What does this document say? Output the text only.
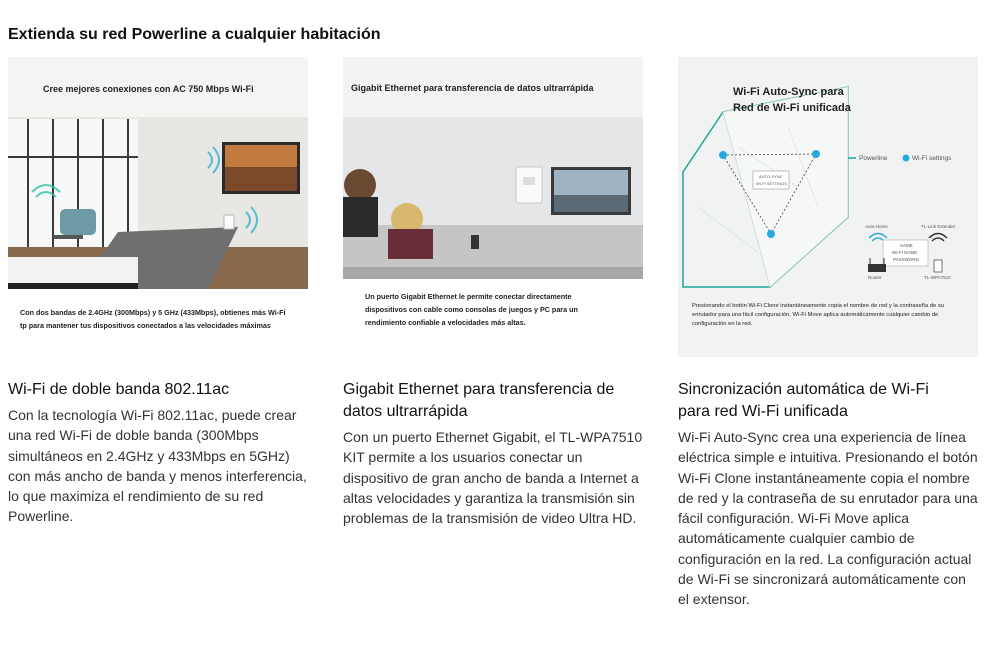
Extienda su red Powerline a cualquier habitación
Cree mejores conexiones con AC 750 Mbps Wi-Fi
Con dos bandas de 2.4GHz (300Mbps) y 5 GHz (433Mbps), obtienes más Wi-Fi
tp para mantener tus dispositivos conectados a las velocidades máximas
Wi-Fi de doble banda 802.11ac
Con la tecnología Wi-Fi 802.11ac, puede crear una red Wi-Fi de doble banda (300Mbps simultáneos en 2.4GHz y 433Mbps en 5GHz) con más ancho de banda y menos interferencia, lo que maximiza el rendimiento de su red Powerline.
Gigabit Ethernet para transferencia de datos ultrarrápida
Un puerto Gigabit Ethernet le permite conectar directamente
dispositivos con cable como consolas de juegos y PC para un
rendimiento confiable a velocidades más altas.
Gigabit Ethernet para transferencia de
datos ultrarrápida
Con un puerto Ethernet Gigabit, el TL-WPA7510 KIT permite a los usuarios conectar un dispositivo de gran ancho de banda a Internet a altas velocidades y garantiza la transmisión sin problemas de la transmisión de video Ultra HD.
Wi-Fi Auto-Sync para
Red de Wi-Fi unificada
Powerline	Wi-Fi settings
AUTO-SYNC
WI-FI SETTINGS
Auto-Home	TL-Link Extender
SAME
WI-FI NAME
PASSWORD
Router	TL-WPA7510
Presionando el botón Wi-Fi Clone instantáneamente copia el nombre de red y la contraseña de su
enrutador para una fácil configuración. Wi-Fi Move aplica automáticamente cualquier cambio de
configuración en la red.
Sincronización automática de Wi-Fi
para red Wi-Fi unificada
Wi-Fi Auto-Sync crea una experiencia de línea eléctrica simple e intuitiva. Presionando el botón Wi-Fi Clone instantáneamente copia el nombre de red y la contraseña de su enrutador para una fácil configuración. Wi-Fi Move aplica automáticamente cualquier cambio de configuración en la red. La configuración actual de Wi-Fi se sincronizará automáticamente con el extensor.
